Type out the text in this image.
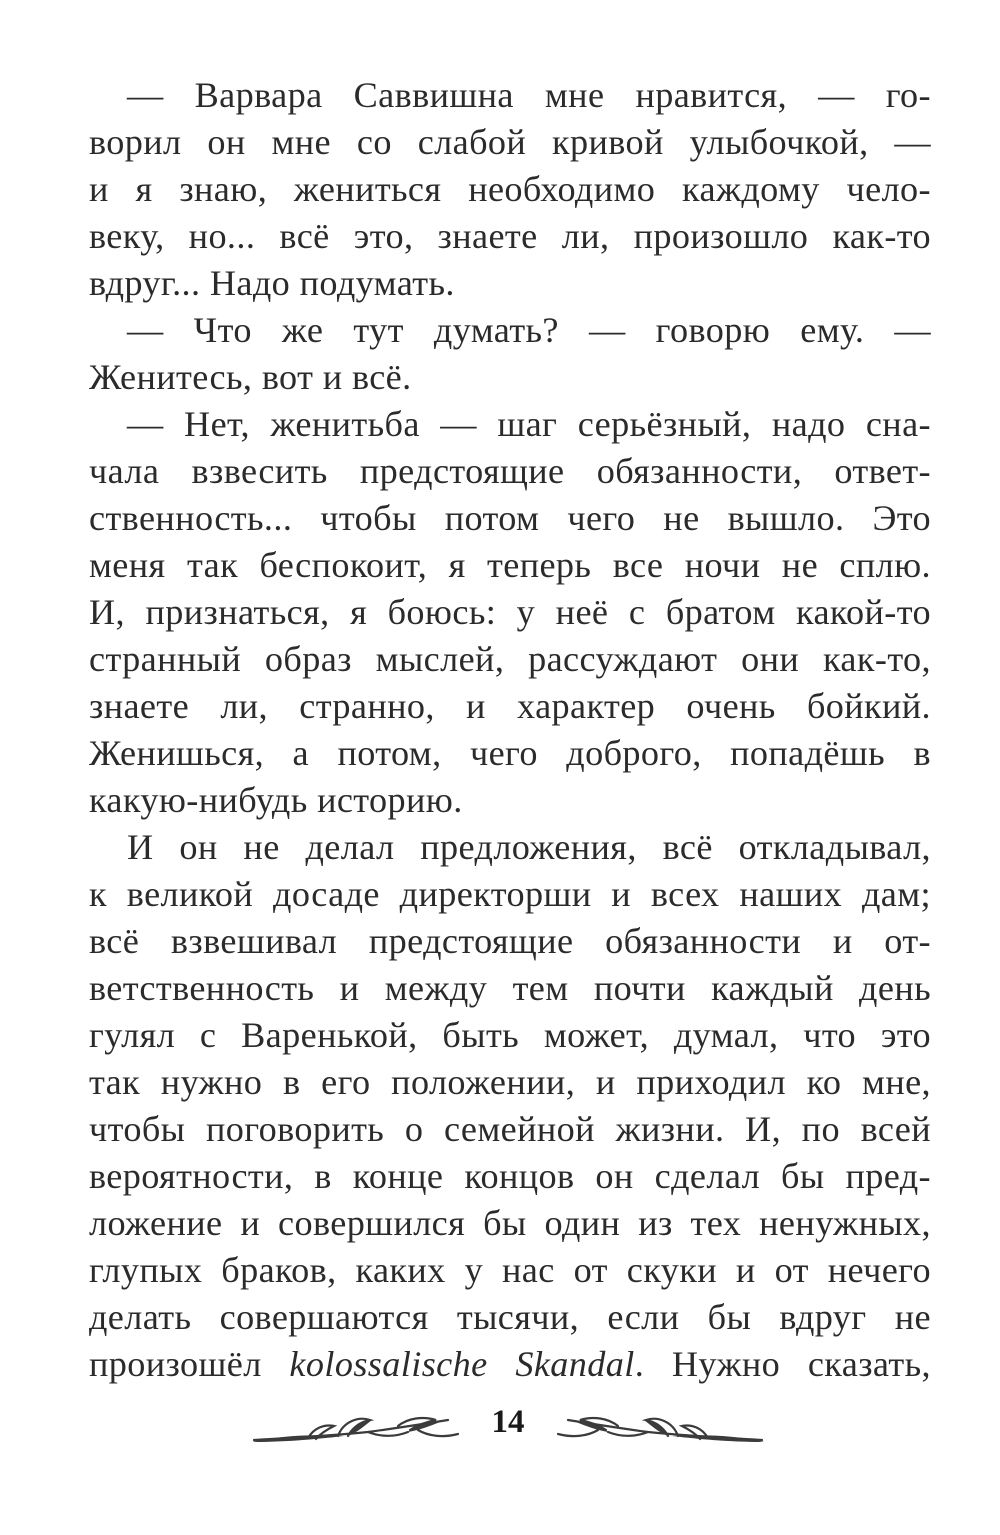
— Варвара Саввишна мне нравится, — го-
ворил он мне со слабой кривой улыбочкой, —
и я знаю, жениться необходимо каждому чело-
веку, но... всё это, знаете ли, произошло как-то
вдруг... Надо подумать.
— Что же тут думать? — говорю ему. —
Женитесь, вот и всё.
— Нет, женитьба — шаг серьёзный, надо сна-
чала взвесить предстоящие обязанности, ответ-
ственность... чтобы потом чего не вышло. Это
меня так беспокоит, я теперь все ночи не сплю.
И, признаться, я боюсь: у неё с братом какой-то
странный образ мыслей, рассуждают они как-то,
знаете ли, странно, и характер очень бойкий.
Женишься, а потом, чего доброго, попадёшь в
какую-нибудь историю.
И он не делал предложения, всё откладывал,
к великой досаде директорши и всех наших дам;
всё взвешивал предстоящие обязанности и от-
ветственность и между тем почти каждый день
гулял с Варенькой, быть может, думал, что это
так нужно в его положении, и приходил ко мне,
чтобы поговорить о семейной жизни. И, по всей
вероятности, в конце концов он сделал бы пред-
ложение и совершился бы один из тех ненужных,
глупых браков, каких у нас от скуки и от нечего
делать совершаются тысячи, если бы вдруг не
произошёл kolossalische Skandal. Нужно сказать,
14
